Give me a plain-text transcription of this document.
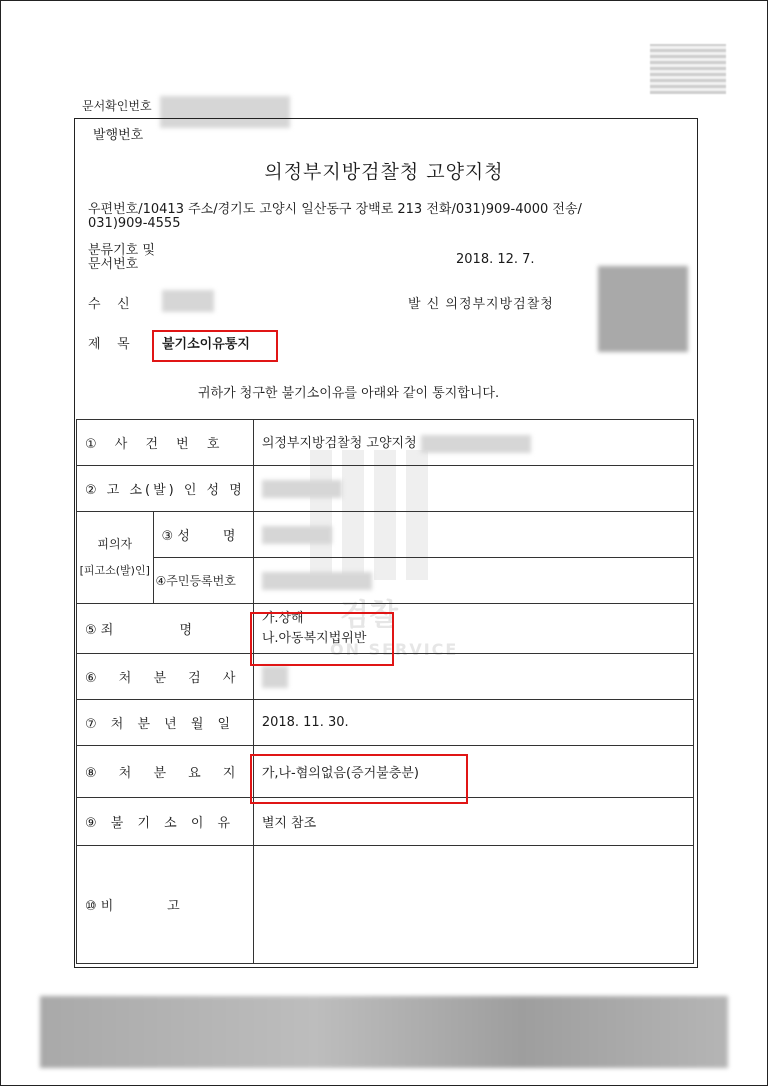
문서확인번호
발행번호
의정부지방검찰청 고양지청
우편번호/10413 주소/경기도 고양시 일산동구 장백로 213 전화/031)909-4000 전송/
031)909-4555
분류기호 및
문서번호	2018. 12. 7.
수    신	발 신 의정부지방검찰청
제    목 불기소이유통지
귀하가 청구한 불기소이유를 아래와 같이 통지합니다.
검찰
ON SERVICE
① 사 건 번 호		의정부지방검찰청 고양지청
② 고 소(발) 인 성 명		
피의자
[피고소(발)인]	③ 성        명	
	④주민등록번호	
⑤ 죄                명		가.상해
나.아동복지법위반

⑥ 처 분 검 사		
⑦ 처 분 년 월 일		2018. 11. 30.
⑧ 처 분 요 지		가,나-혐의없음(증거불충분)
⑨ 불 기 소 이 유		별지 참조
⑩ 비             고		
